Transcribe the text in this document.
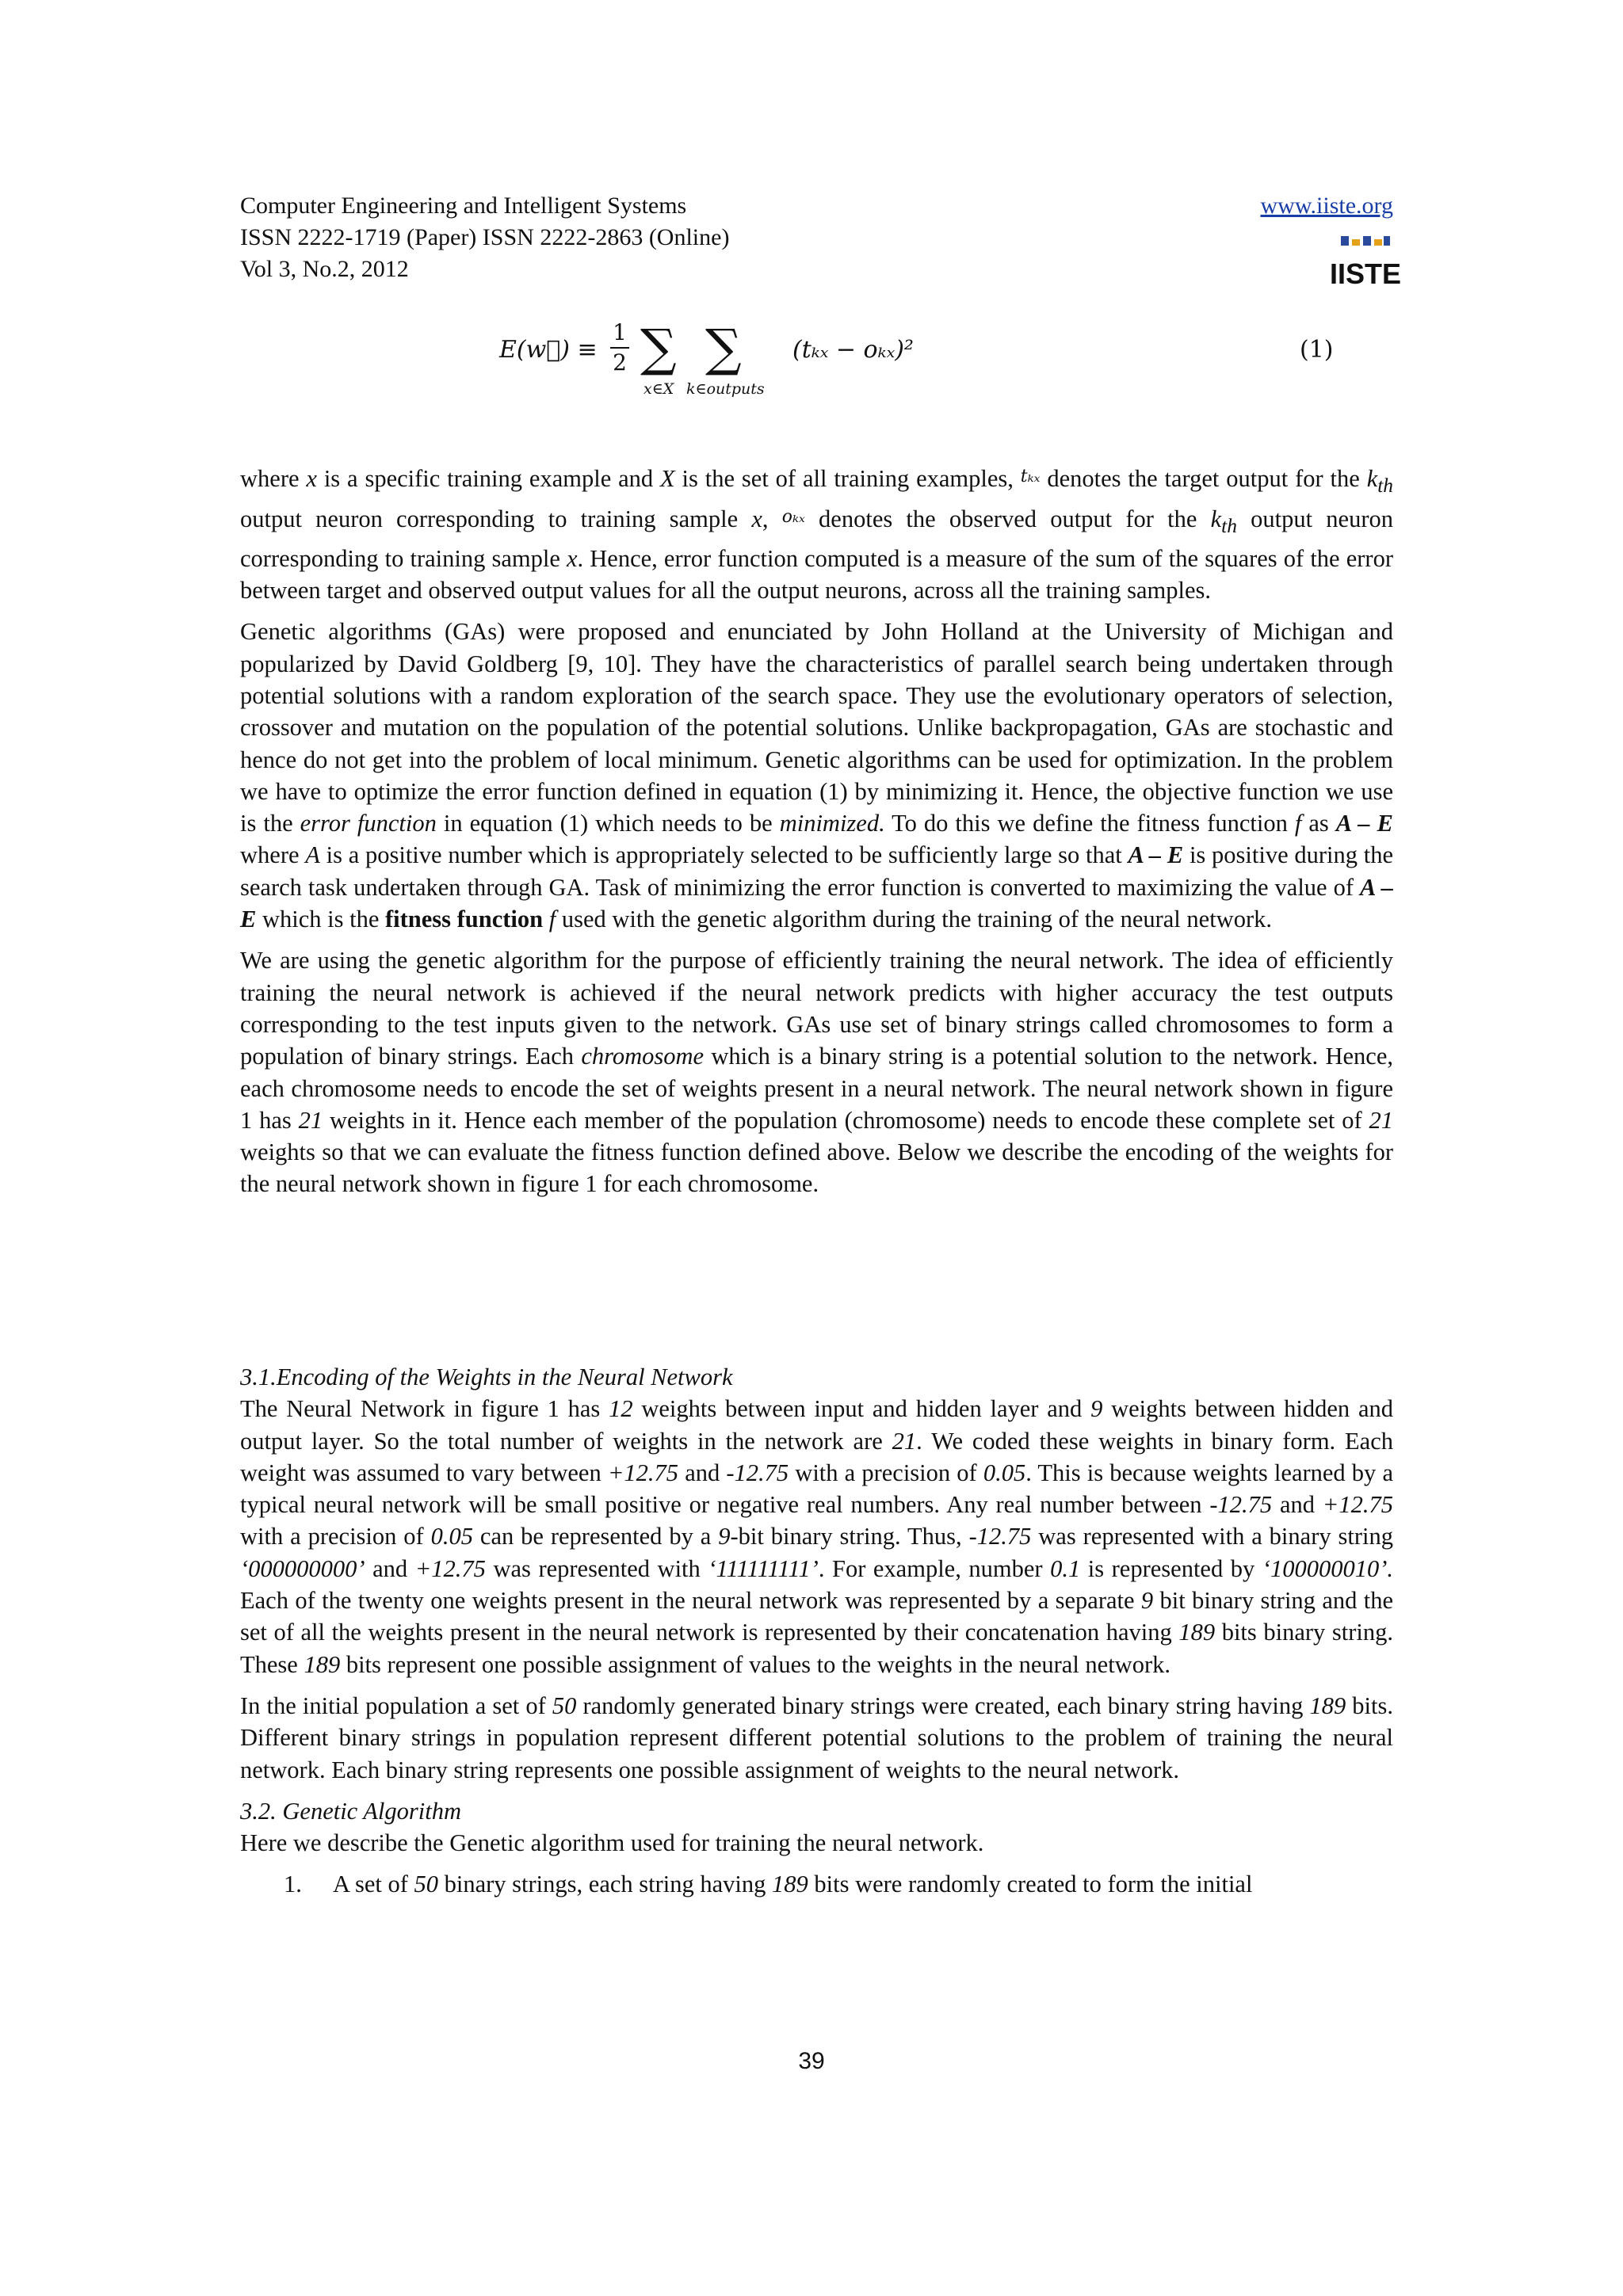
Computer Engineering and Intelligent Systems	www.iiste.org
ISSN 2222-1719 (Paper) ISSN 2222-2863 (Online)
Vol 3, No.2, 2012	IISTE
E(w⃗) ≡
1
2 ∑
x∈X
∑
k∈outputs
(tₖₓ − oₖₓ)²	(1)

where x is a specific training example and X is the set of all training examples, tₖₓ denotes the target output for the $k_{th}$ output neuron corresponding to training sample x, oₖₓ denotes the observed output for the $k_{th}$ output neuron corresponding to training sample x. Hence, error function computed is a measure of the sum of the squares of the error between target and observed output values for all the output neurons, across all the training samples.

Genetic algorithms (GAs) were proposed and enunciated by John Holland at the University of Michigan and popularized by David Goldberg [9, 10]. They have the characteristics of parallel search being undertaken through potential solutions with a random exploration of the search space. They use the evolutionary operators of selection, crossover and mutation on the population of the potential solutions. Unlike backpropagation, GAs are stochastic and hence do not get into the problem of local minimum. Genetic algorithms can be used for optimization. In the problem we have to optimize the error function defined in equation (1) by minimizing it. Hence, the objective function we use is the error function in equation (1) which needs to be minimized. To do this we define the fitness function f as A – E where A is a positive number which is appropriately selected to be sufficiently large so that A – E is positive during the search task undertaken through GA. Task of minimizing the error function is converted to maximizing the value of A – E which is the fitness function f used with the genetic algorithm during the training of the neural network.

We are using the genetic algorithm for the purpose of efficiently training the neural network. The idea of efficiently training the neural network is achieved if the neural network predicts with higher accuracy the test outputs corresponding to the test inputs given to the network. GAs use set of binary strings called chromosomes to form a population of binary strings. Each chromosome which is a binary string is a potential solution to the network. Hence, each chromosome needs to encode the set of weights present in a neural network. The neural network shown in figure 1 has 21 weights in it. Hence each member of the population (chromosome) needs to encode these complete set of 21 weights so that we can evaluate the fitness function defined above. Below we describe the encoding of the weights for the neural network shown in figure 1 for each chromosome.

3.1.Encoding of the Weights in the Neural Network

The Neural Network in figure 1 has 12 weights between input and hidden layer and 9 weights between hidden and output layer. So the total number of weights in the network are 21. We coded these weights in binary form. Each weight was assumed to vary between +12.75 and -12.75 with a precision of 0.05. This is because weights learned by a typical neural network will be small positive or negative real numbers. Any real number between -12.75 and +12.75 with a precision of 0.05 can be represented by a 9-bit binary string. Thus, -12.75 was represented with a binary string ‘000000000’ and +12.75 was represented with ‘111111111’. For example, number 0.1 is represented by ‘100000010’. Each of the twenty one weights present in the neural network was represented by a separate 9 bit binary string and the set of all the weights present in the neural network is represented by their concatenation having 189 bits binary string. These 189 bits represent one possible assignment of values to the weights in the neural network.

In the initial population a set of 50 randomly generated binary strings were created, each binary string having 189 bits. Different binary strings in population represent different potential solutions to the problem of training the neural network. Each binary string represents one possible assignment of weights to the neural network.

3.2. Genetic Algorithm

Here we describe the Genetic algorithm used for training the neural network.

1.	A set of 50 binary strings, each string having 189 bits were randomly created to form the initial
39
